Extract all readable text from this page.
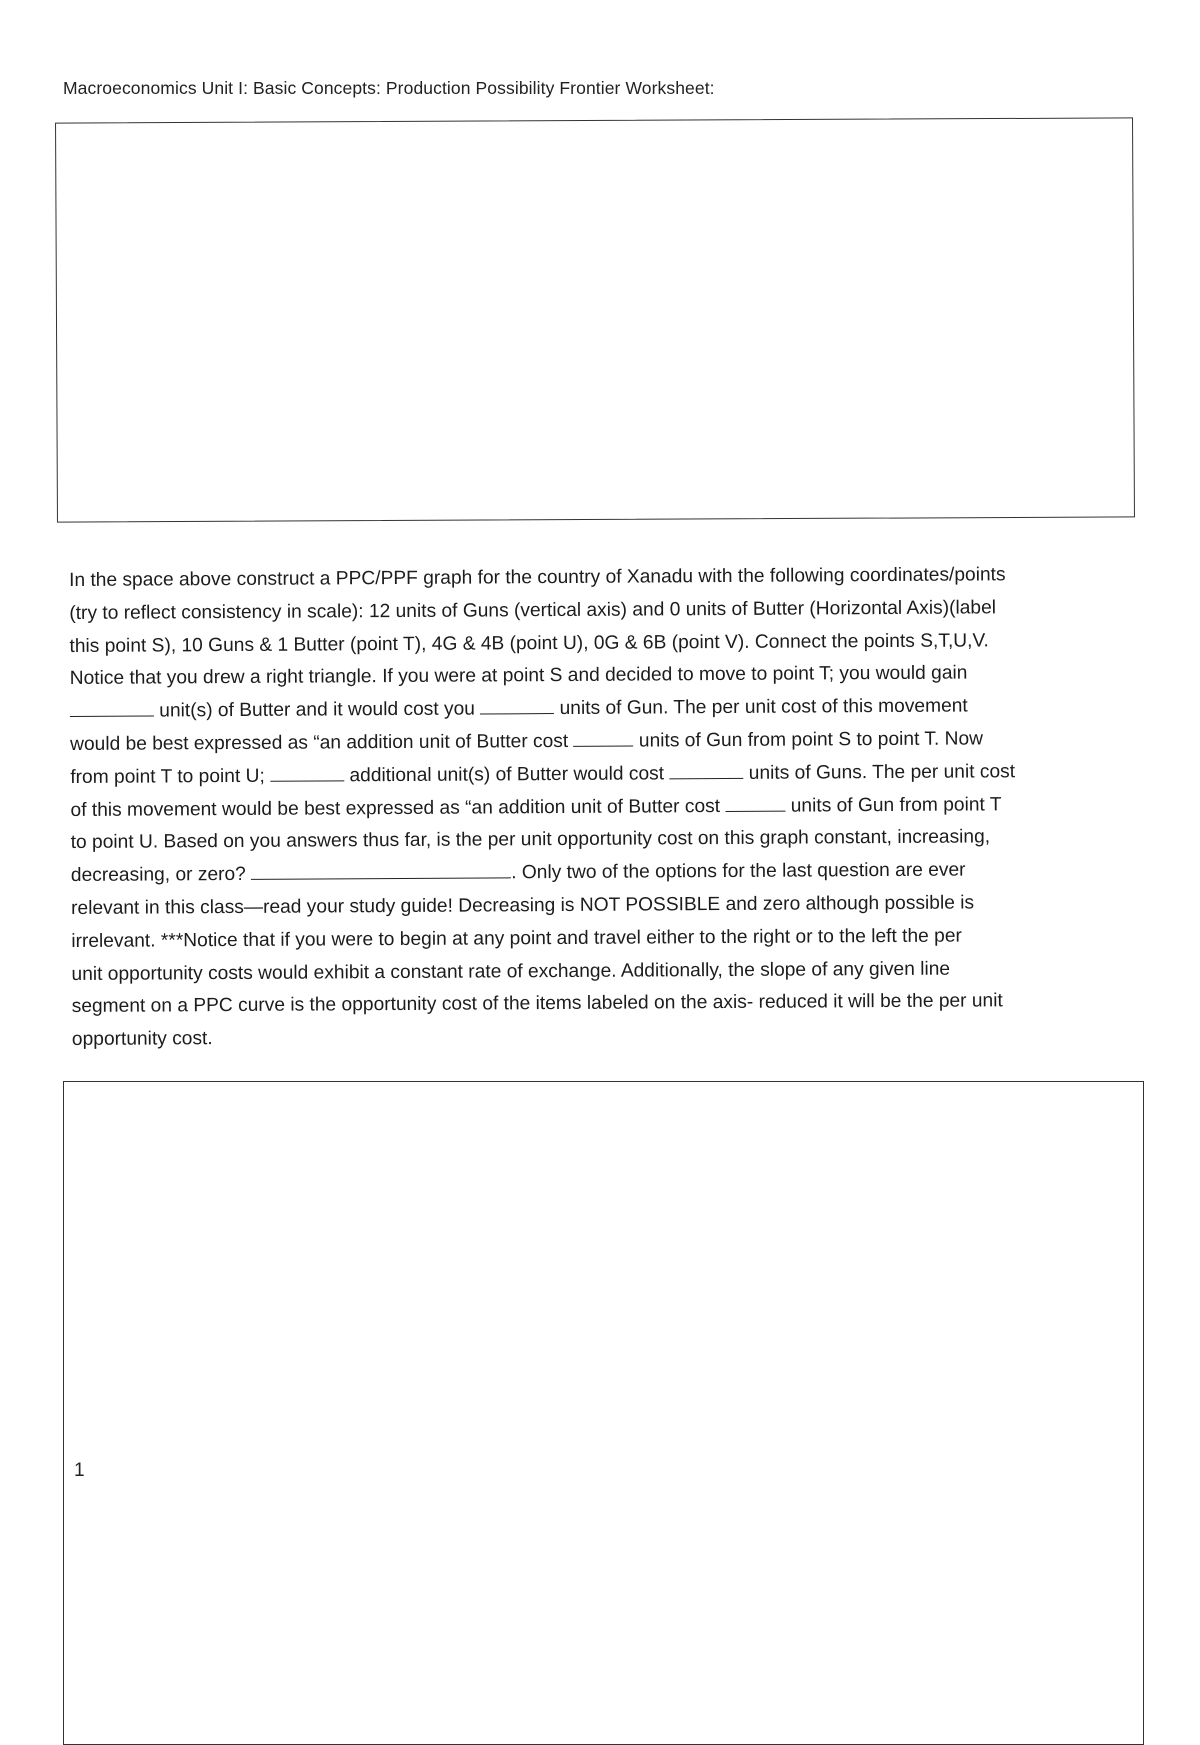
Macroeconomics Unit I: Basic Concepts: Production Possibility Frontier Worksheet:

In the space above construct a PPC/PPF graph for the country of Xanadu with the following coordinates/points
(try to reflect consistency in scale): 12 units of Guns (vertical axis) and 0 units of Butter (Horizontal Axis)(label
this point S), 10 Guns & 1 Butter (point T), 4G & 4B (point U), 0G & 6B (point V). Connect the points S,T,U,V.
Notice that you drew a right triangle. If you were at point S and decided to move to point T; you would gain
unit(s) of Butter and it would cost you	units of Gun. The per unit cost of this movement
would be best expressed as “an addition unit of Butter cost	units of Gun from point S to point T. Now
from point T to point U;	additional unit(s) of Butter would cost	units of Guns. The per unit cost
of this movement would be best expressed as “an addition unit of Butter cost	units of Gun from point T
to point U. Based on you answers thus far, is the per unit opportunity cost on this graph constant, increasing,
decreasing, or zero?	. Only two of the options for the last question are ever
relevant in this class—read your study guide! Decreasing is NOT POSSIBLE and zero although possible is
irrelevant. ***Notice that if you were to begin at any point and travel either to the right or to the left the per
unit opportunity costs would exhibit a constant rate of exchange. Additionally, the slope of any given line
segment on a PPC curve is the opportunity cost of the items labeled on the axis- reduced it will be the per unit
opportunity cost.

1
